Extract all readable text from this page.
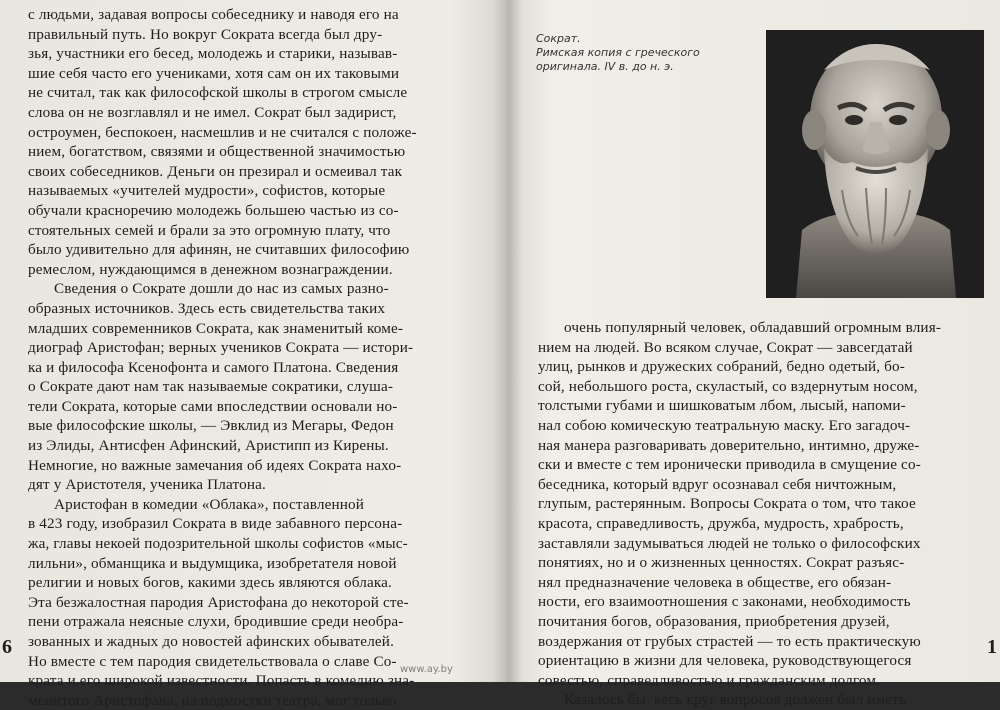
с людьми, задавая вопросы собеседнику и наводя его на
правильный путь. Но вокруг Сократа всегда был дру-
зья, участники его бесед, молодежь и старики, называв-
шие себя часто его учениками, хотя сам он их таковыми
не считал, так как философской школы в строгом смысле
слова он не возглавлял и не имел. Сократ был задирист,
остроумен, беспокоен, насмешлив и не считался с положе-
нием, богатством, связями и общественной значимостью
своих собеседников. Деньги он презирал и осмеивал так
называемых «учителей мудрости», софистов, которые
обучали красноречию молодежь большею частью из со-
стоятельных семей и брали за это огромную плату, что
было удивительно для афинян, не считавших философию
ремеслом, нуждающимся в денежном вознаграждении.
Сведения о Сократе дошли до нас из самых разно-
образных источников. Здесь есть свидетельства таких
младших современников Сократа, как знаменитый коме-
диограф Аристофан; верных учеников Сократа — истори-
ка и философа Ксенофонта и самого Платона. Сведения
о Сократе дают нам так называемые сократики, слуша-
тели Сократа, которые сами впоследствии основали но-
вые философские школы, — Эвклид из Мегары, Федон
из Элиды, Антисфен Афинский, Аристипп из Кирены.
Немногие, но важные замечания об идеях Сократа нахо-
дят у Аристотеля, ученика Платона.
Аристофан в комедии «Облака», поставленной
в 423 году, изобразил Сократа в виде забавного персона-
жа, главы некоей подозрительной школы софистов «мыс-
лильни», обманщика и выдумщика, изобретателя новой
религии и новых богов, какими здесь являются облака.
Эта безжалостная пародия Аристофана до некоторой сте-
пени отражала неясные слухи, бродившие среди необра-
зованных и жадных до новостей афинских обывателей.
Но вместе с тем пародия свидетельствовала о славе Со-
крата и его широкой известности. Попасть в комедию зна-
менитого Аристофана, на подмостки театра, мог только
6
Сократ.
Римская копия с греческого
оригинала. IV в. до н. э.
очень популярный человек, обладавший огромным влия-
нием на людей. Во всяком случае, Сократ — завсегдатай
улиц, рынков и дружеских собраний, бедно одетый, бо-
сой, небольшого роста, скуластый, со вздернутым носом,
толстыми губами и шишковатым лбом, лысый, напоми-
нал собою комическую театральную маску. Его загадоч-
ная манера разговаривать доверительно, интимно, друже-
ски и вместе с тем иронически приводила в смущение со-
беседника, который вдруг осознавал себя ничтожным,
глупым, растерянным. Вопросы Сократа о том, что такое
красота, справедливость, дружба, мудрость, храбрость,
заставляли задумываться людей не только о философских
понятиях, но и о жизненных ценностях. Сократ разъяс-
нял предназначение человека в обществе, его обязан-
ности, его взаимоотношения с законами, необходимость
почитания богов, образования, приобретения друзей,
воздержания от грубых страстей — то есть практическую
ориентацию в жизни для человека, руководствующегося
совестью, справедливостью и гражданским долгом.
Казалось бы, весь круг вопросов должен был иметь
1
www.ay.by
